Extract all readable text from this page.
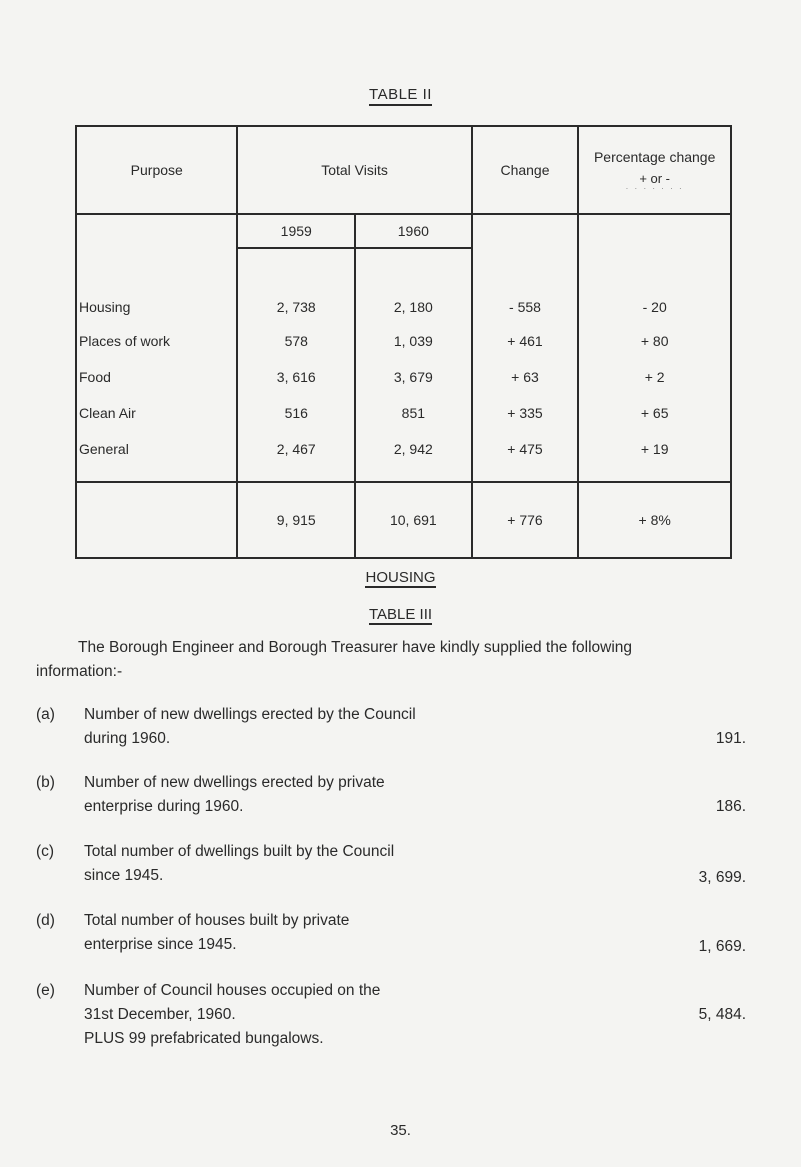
TABLE II
Purpose	Total Visits		Change	Percentage change
+ or -
· · · · · · ·

	1959	1960		
Housing	2, 738	2, 180	- 558	- 20
Places of work	578	1, 039	+ 461	+ 80
Food	3, 616	3, 679	+ 63	+ 2
Clean Air	516	851	+ 335	+ 65
General	2, 467	2, 942	+ 475	+ 19
	9, 915	10, 691	+ 776	+ 8%
HOUSING
TABLE III
The Borough Engineer and Borough Treasurer have kindly supplied the following
information:-
(a) Number of new dwellings erected by the Council
during 1960.	191.
(b) Number of new dwellings erected by private
enterprise during 1960.	186.
(c) Total number of dwellings built by the Council
since 1945.	3, 699.
(d) Total number of houses built by private
enterprise since 1945.	1, 669.
(e) Number of Council houses occupied on the
31st December, 1960.
PLUS 99 prefabricated bungalows.
5, 484.
35.
